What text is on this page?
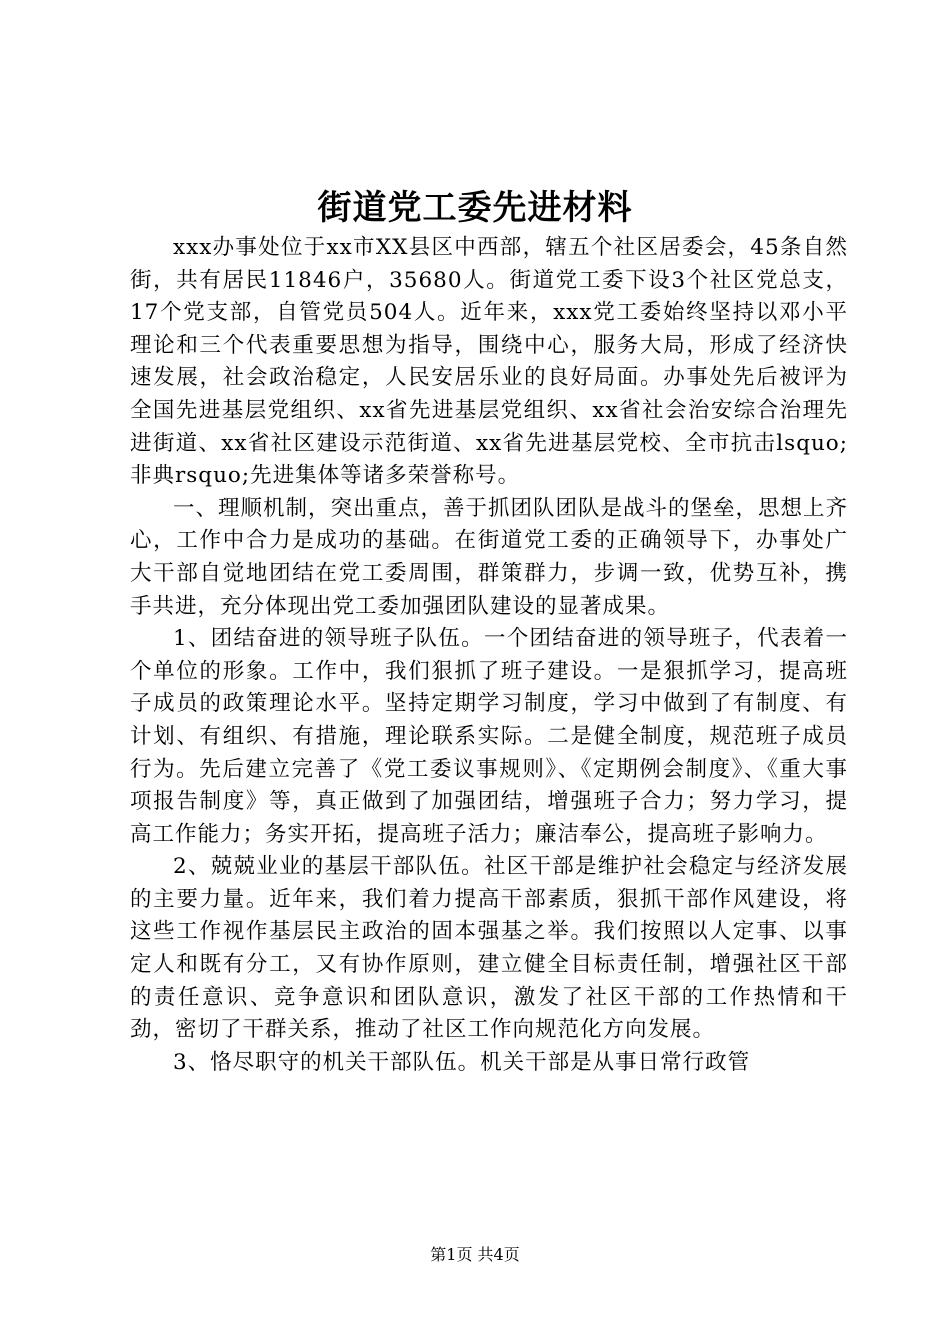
街道党工委先进材料

xxx办事处位于xx市XX县区中西部，辖五个社区居委会，45条自然街，共有居民11846户，35680人。街道党工委下设3个社区党总支，17个党支部，自管党员504人。近年来，xxx党工委始终坚持以邓小平理论和三个代表重要思想为指导，围绕中心，服务大局，形成了经济快速发展，社会政治稳定，人民安居乐业的良好局面。办事处先后被评为全国先进基层党组织、xx省先进基层党组织、xx省社会治安综合治理先进街道、xx省社区建设示范街道、xx省先进基层党校、全市抗击lsquo;非典rsquo;先进集体等诸多荣誉称号。

一、理顺机制，突出重点，善于抓团队团队是战斗的堡垒，思想上齐心，工作中合力是成功的基础。在街道党工委的正确领导下，办事处广大干部自觉地团结在党工委周围，群策群力，步调一致，优势互补，携手共进，充分体现出党工委加强团队建设的显著成果。

1、团结奋进的领导班子队伍。一个团结奋进的领导班子，代表着一个单位的形象。工作中，我们狠抓了班子建设。一是狠抓学习，提高班子成员的政策理论水平。坚持定期学习制度，学习中做到了有制度、有计划、有组织、有措施，理论联系实际。二是健全制度，规范班子成员行为。先后建立完善了《党工委议事规则》、《定期例会制度》、《重大事项报告制度》等，真正做到了加强团结，增强班子合力；努力学习，提高工作能力；务实开拓，提高班子活力；廉洁奉公，提高班子影响力。

2、兢兢业业的基层干部队伍。社区干部是维护社会稳定与经济发展的主要力量。近年来，我们着力提高干部素质，狠抓干部作风建设，将这些工作视作基层民主政治的固本强基之举。我们按照以人定事、以事定人和既有分工，又有协作原则，建立健全目标责任制，增强社区干部的责任意识、竞争意识和团队意识，激发了社区干部的工作热情和干劲，密切了干群关系，推动了社区工作向规范化方向发展。

3、恪尽职守的机关干部队伍。机关干部是从事日常行政管

第1页 共4页
